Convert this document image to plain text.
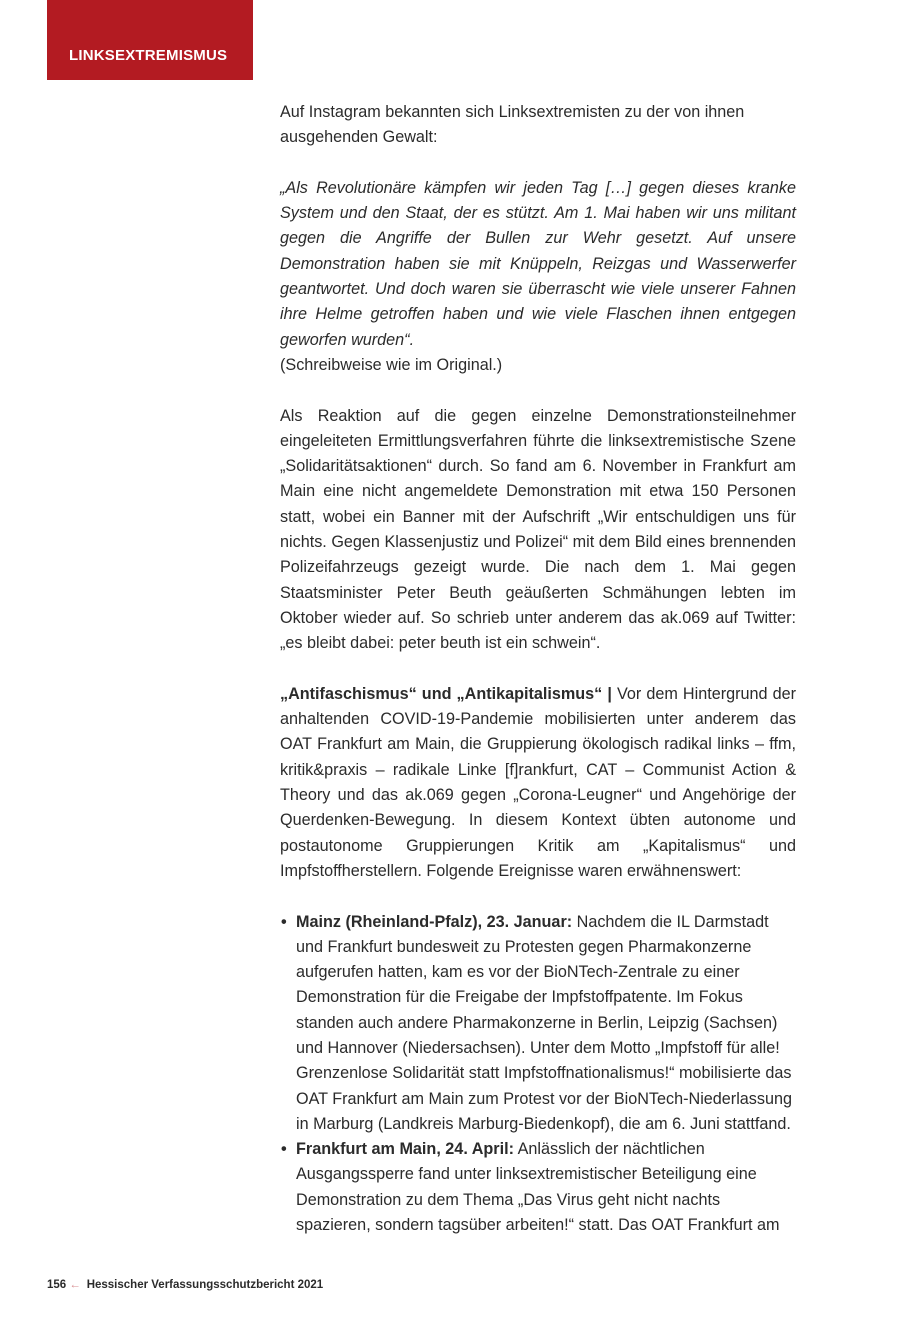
LINKSEXTREMISMUS

Auf Instagram bekannten sich Linksextremisten zu der von ihnen ausgehenden Gewalt:

„Als Revolutionäre kämpfen wir jeden Tag […] gegen dieses kranke System und den Staat, der es stützt. Am 1. Mai haben wir uns militant gegen die Angriffe der Bullen zur Wehr gesetzt. Auf unsere Demonstration haben sie mit Knüppeln, Reizgas und Wasserwerfer geantwortet. Und doch waren sie überrascht wie viele unserer Fahnen ihre Helme getroffen haben und wie viele Flaschen ihnen entgegen geworfen wurden“.

(Schreibweise wie im Original.)

Als Reaktion auf die gegen einzelne Demonstrationsteilnehmer eingeleiteten Ermittlungsverfahren führte die linksextremistische Szene „Solidaritätsaktionen“ durch. So fand am 6. November in Frankfurt am Main eine nicht angemeldete Demonstration mit etwa 150 Personen statt, wobei ein Banner mit der Aufschrift „Wir entschuldigen uns für nichts. Gegen Klassenjustiz und Polizei“ mit dem Bild eines brennenden Polizeifahrzeugs gezeigt wurde. Die nach dem 1. Mai gegen Staatsminister Peter Beuth geäußerten Schmähungen lebten im Oktober wieder auf. So schrieb unter anderem das ak.069 auf Twitter: „es bleibt dabei: peter beuth ist ein schwein“.

„Antifaschismus“ und „Antikapitalismus“ | Vor dem Hintergrund der anhaltenden COVID-19-Pandemie mobilisierten unter anderem das OAT Frankfurt am Main, die Gruppierung ökologisch radikal links – ffm, kritik&praxis – radikale Linke [f]rankfurt, CAT – Communist Action & Theory und das ak.069 gegen „Corona-Leugner“ und Angehörige der Querdenken-Bewegung. In diesem Kontext übten autonome und postautonome Gruppierungen Kritik am „Kapitalismus“ und Impfstoffherstellern. Folgende Ereignisse waren erwähnenswert:

• Mainz (Rheinland-Pfalz), 23. Januar: Nachdem die IL Darmstadt und Frankfurt bundesweit zu Protesten gegen Pharmakonzerne aufgerufen hatten, kam es vor der BioNTech-Zentrale zu einer Demonstration für die Freigabe der Impfstoffpatente. Im Fokus standen auch andere Pharmakonzerne in Berlin, Leipzig (Sachsen) und Hannover (Niedersachsen). Unter dem Motto „Impfstoff für alle! Grenzenlose Solidarität statt Impfstoffnationalismus!“ mobilisierte das OAT Frankfurt am Main zum Protest vor der BioNTech-Niederlassung in Marburg (Landkreis Marburg-Biedenkopf), die am 6. Juni stattfand.
• Frankfurt am Main, 24. April: Anlässlich der nächtlichen Ausgangssperre fand unter linksextremistischer Beteiligung eine Demonstration zu dem Thema „Das Virus geht nicht nachts spazieren, sondern tagsüber arbeiten!“ statt. Das OAT Frankfurt am
156 ← Hessischer Verfassungsschutzbericht 2021
